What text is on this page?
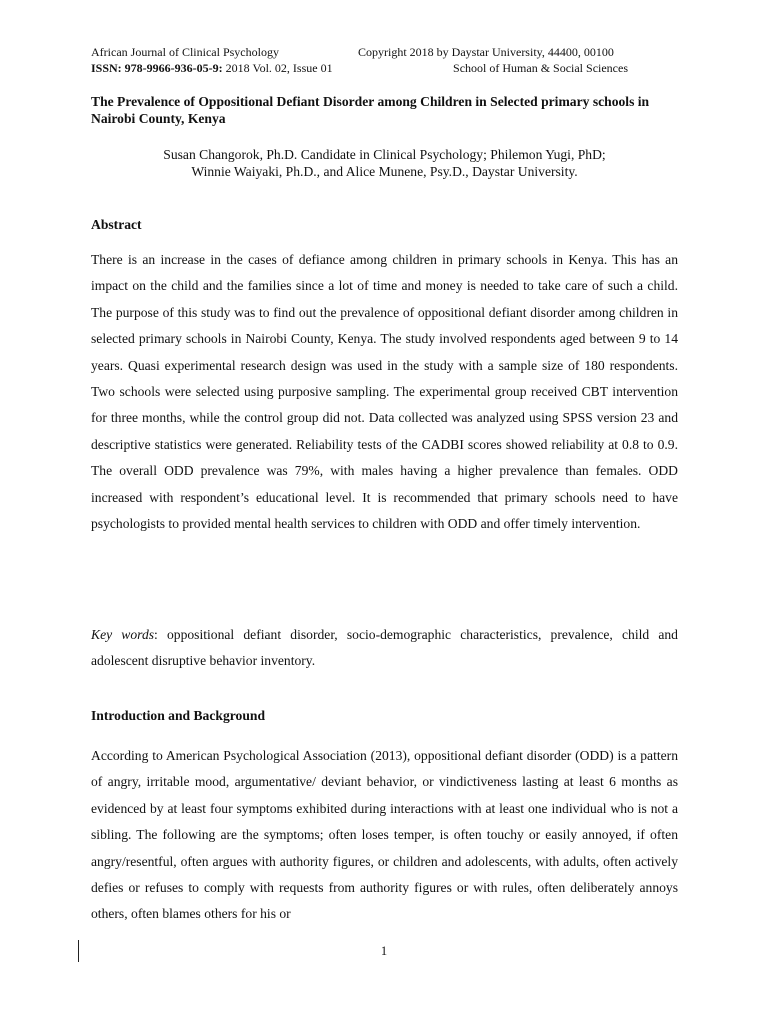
African Journal of Clinical Psychology	Copyright 2018 by Daystar University, 44400, 00100
ISSN: 978-9966-936-05-9: 2018 Vol. 02, Issue 01	School of Human & Social Sciences
The Prevalence of Oppositional Defiant Disorder among Children in Selected primary schools in Nairobi County, Kenya
Susan Changorok, Ph.D. Candidate in Clinical Psychology; Philemon Yugi, PhD;
Winnie Waiyaki, Ph.D., and Alice Munene, Psy.D., Daystar University.
Abstract
There is an increase in the cases of defiance among children in primary schools in Kenya. This has an impact on the child and the families since a lot of time and money is needed to take care of such a child. The purpose of this study was to find out the prevalence of oppositional defiant disorder among children in selected primary schools in Nairobi County, Kenya. The study involved respondents aged between 9 to 14 years. Quasi experimental research design was used in the study with a sample size of 180 respondents. Two schools were selected using purposive sampling. The experimental group received CBT intervention for three months, while the control group did not. Data collected was analyzed using SPSS version 23 and descriptive statistics were generated. Reliability tests of the CADBI scores showed reliability at 0.8 to 0.9. The overall ODD prevalence was 79%, with males having a higher prevalence than females. ODD increased with respondent’s educational level. It is recommended that primary schools need to have psychologists to provided mental health services to children with ODD and offer timely intervention.
Key words: oppositional defiant disorder, socio-demographic characteristics, prevalence, child and adolescent disruptive behavior inventory.
Introduction and Background
According to American Psychological Association (2013), oppositional defiant disorder (ODD) is a pattern of angry, irritable mood, argumentative/ deviant behavior, or vindictiveness lasting at least 6 months as evidenced by at least four symptoms exhibited during interactions with at least one individual who is not a sibling. The following are the symptoms; often loses temper, is often touchy or easily annoyed, if often angry/resentful, often argues with authority figures, or children and adolescents, with adults, often actively defies or refuses to comply with requests from authority figures or with rules, often deliberately annoys others, often blames others for his or
1
